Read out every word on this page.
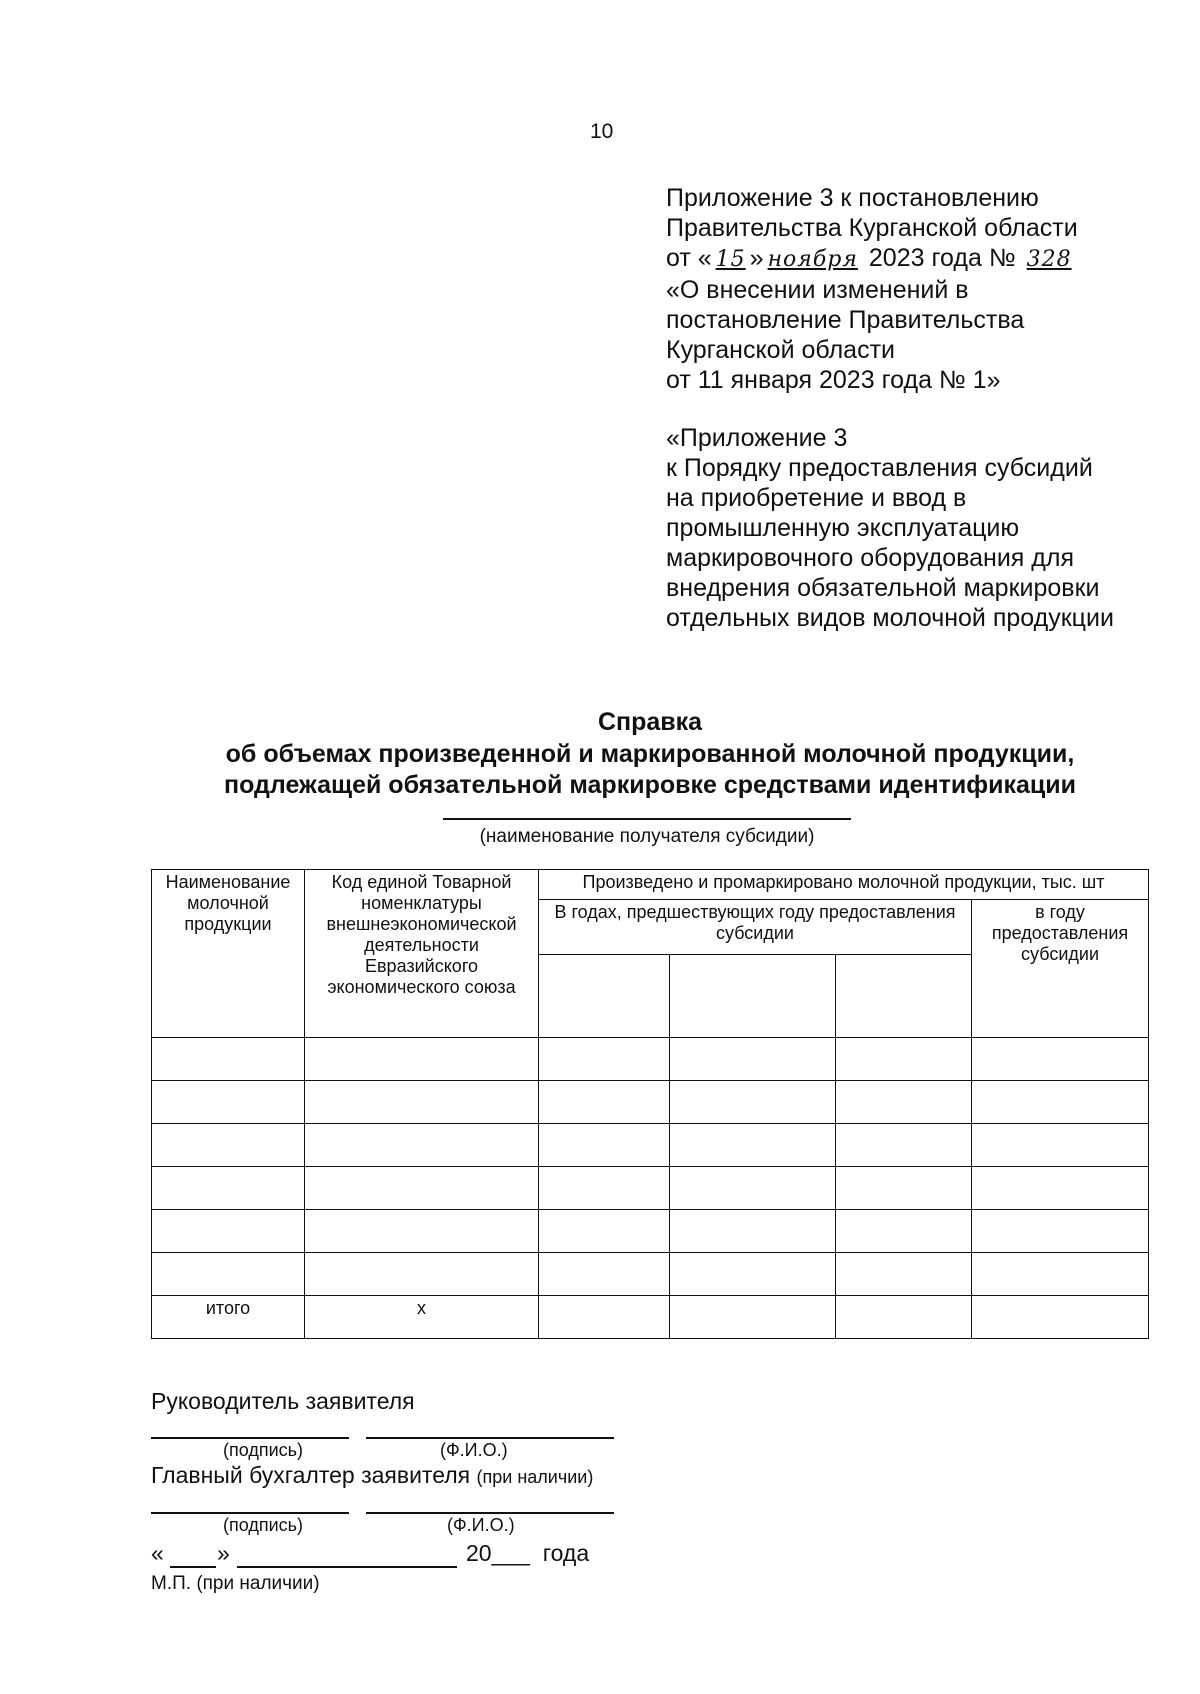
10
Приложение 3 к постановлению
Правительства Курганской области
от « 15 » ноября 2023 года № 328
«О внесении изменений в
постановление Правительства
Курганской области
от 11 января 2023 года № 1»
«Приложение 3
к Порядку предоставления субсидий
на приобретение и ввод в
промышленную эксплуатацию
маркировочного оборудования для
внедрения обязательной маркировки
отдельных видов молочной продукции
Справка
об объемах произведенной и маркированной молочной продукции,
подлежащей обязательной маркировке средствами идентификации
(наименование получателя субсидии)
Наименование молочной продукции	Код единой Товарной номенклатуры внешнеэкономической деятельности Евразийского экономического союза	Произведено и промаркировано молочной продукции, тыс. шт			
		В годах, предшествующих году предоставления субсидии			в году предоставления субсидии

итого	х				
Руководитель заявителя
(подпись)	(Ф.И.О.)
Главный бухгалтер заявителя (при наличии)
(подпись)	(Ф.И.О.)
« »	20___  года
М.П. (при наличии)
